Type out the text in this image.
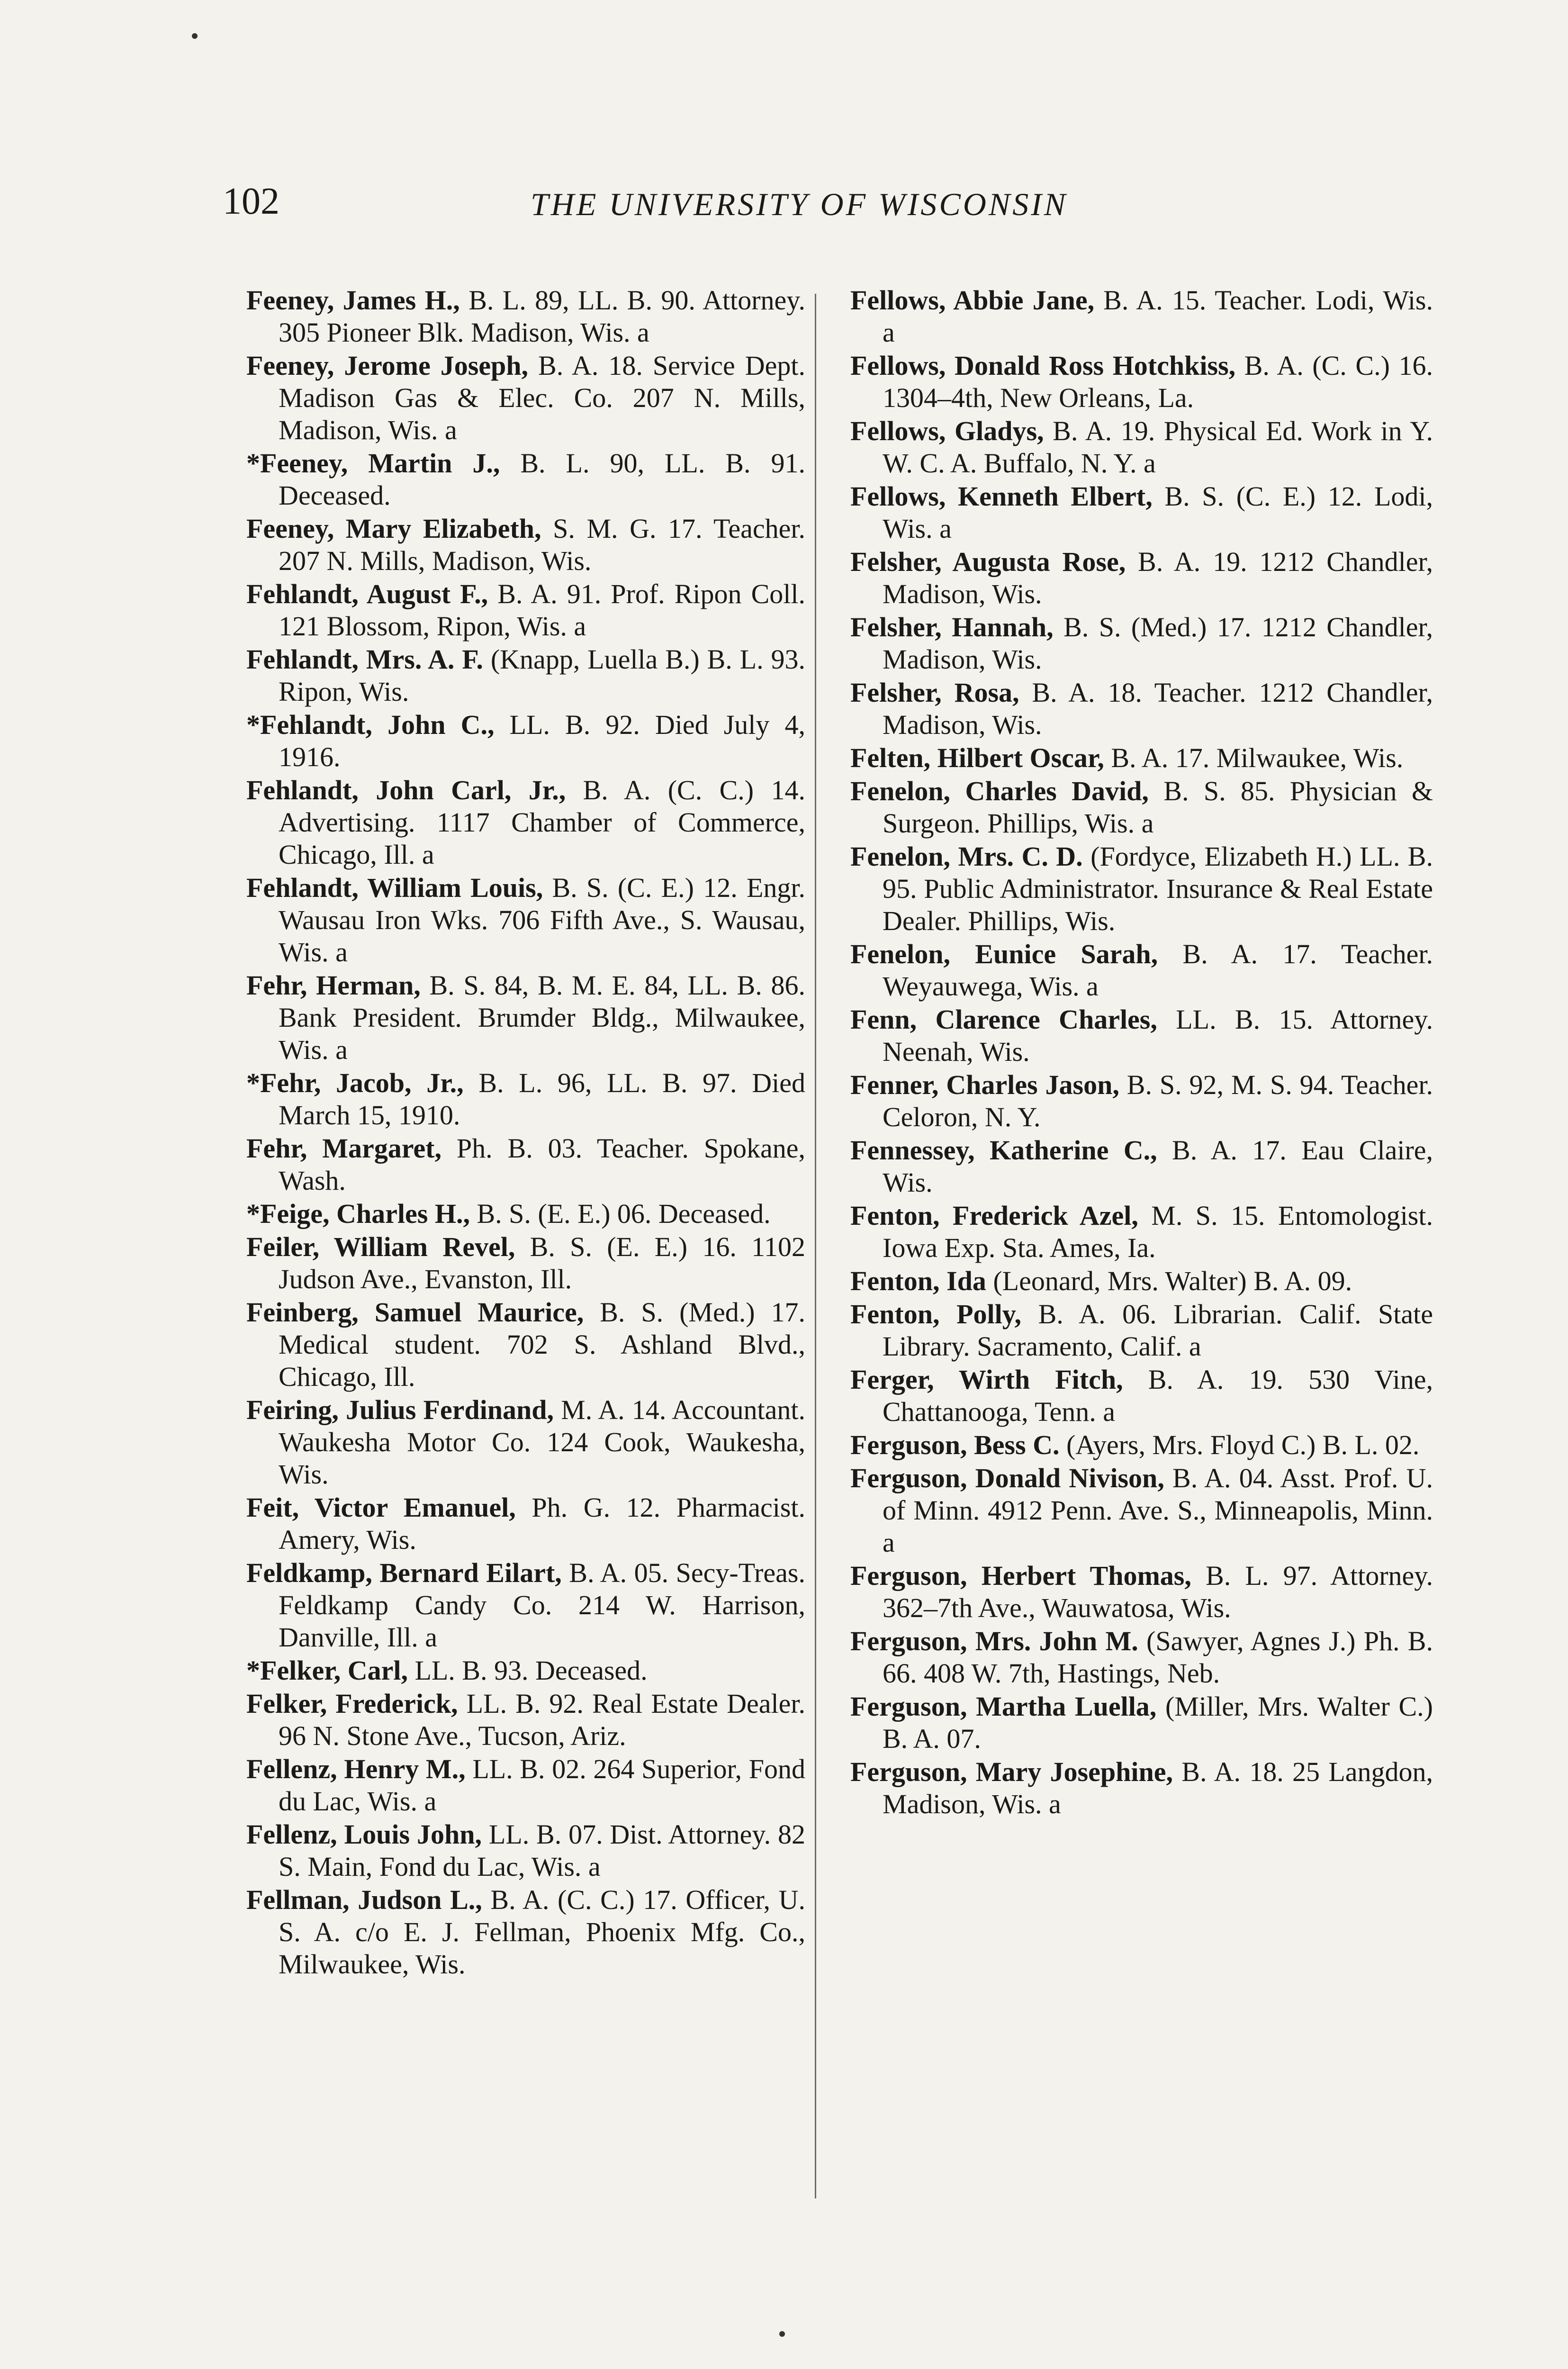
102	THE UNIVERSITY OF WISCONSIN

Feeney, James H., B. L. 89, LL. B. 90. Attorney. 305 Pioneer Blk. Madison, Wis. a

Feeney, Jerome Joseph, B. A. 18. Service Dept. Madison Gas & Elec. Co. 207 N. Mills, Madison, Wis. a

*Feeney, Martin J., B. L. 90, LL. B. 91. Deceased.

Feeney, Mary Elizabeth, S. M. G. 17. Teacher. 207 N. Mills, Madison, Wis.

Fehlandt, August F., B. A. 91. Prof. Ripon Coll. 121 Blossom, Ripon, Wis. a

Fehlandt, Mrs. A. F. (Knapp, Luella B.) B. L. 93. Ripon, Wis.

*Fehlandt, John C., LL. B. 92. Died July 4, 1916.

Fehlandt, John Carl, Jr., B. A. (C. C.) 14. Advertising. 1117 Chamber of Commerce, Chicago, Ill. a

Fehlandt, William Louis, B. S. (C. E.) 12. Engr. Wausau Iron Wks. 706 Fifth Ave., S. Wausau, Wis. a

Fehr, Herman, B. S. 84, B. M. E. 84, LL. B. 86. Bank President. Brumder Bldg., Milwaukee, Wis. a

*Fehr, Jacob, Jr., B. L. 96, LL. B. 97. Died March 15, 1910.

Fehr, Margaret, Ph. B. 03. Teacher. Spokane, Wash.

*Feige, Charles H., B. S. (E. E.) 06. Deceased.

Feiler, William Revel, B. S. (E. E.) 16. 1102 Judson Ave., Evanston, Ill.

Feinberg, Samuel Maurice, B. S. (Med.) 17. Medical student. 702 S. Ashland Blvd., Chicago, Ill.

Feiring, Julius Ferdinand, M. A. 14. Accountant. Waukesha Motor Co. 124 Cook, Waukesha, Wis.

Feit, Victor Emanuel, Ph. G. 12. Pharmacist. Amery, Wis.

Feldkamp, Bernard Eilart, B. A. 05. Secy-Treas. Feldkamp Candy Co. 214 W. Harrison, Danville, Ill. a

*Felker, Carl, LL. B. 93. Deceased.

Felker, Frederick, LL. B. 92. Real Estate Dealer. 96 N. Stone Ave., Tucson, Ariz.

Fellenz, Henry M., LL. B. 02. 264 Superior, Fond du Lac, Wis. a

Fellenz, Louis John, LL. B. 07. Dist. Attorney. 82 S. Main, Fond du Lac, Wis. a

Fellman, Judson L., B. A. (C. C.) 17. Officer, U. S. A. c/o E. J. Fellman, Phoenix Mfg. Co., Milwaukee, Wis.

Fellows, Abbie Jane, B. A. 15. Teacher. Lodi, Wis. a

Fellows, Donald Ross Hotchkiss, B. A. (C. C.) 16. 1304–4th, New Orleans, La.

Fellows, Gladys, B. A. 19. Physical Ed. Work in Y. W. C. A. Buffalo, N. Y. a

Fellows, Kenneth Elbert, B. S. (C. E.) 12. Lodi, Wis. a

Felsher, Augusta Rose, B. A. 19. 1212 Chandler, Madison, Wis.

Felsher, Hannah, B. S. (Med.) 17. 1212 Chandler, Madison, Wis.

Felsher, Rosa, B. A. 18. Teacher. 1212 Chandler, Madison, Wis.

Felten, Hilbert Oscar, B. A. 17. Milwaukee, Wis.

Fenelon, Charles David, B. S. 85. Physician & Surgeon. Phillips, Wis. a

Fenelon, Mrs. C. D. (Fordyce, Elizabeth H.) LL. B. 95. Public Administrator. Insurance & Real Estate Dealer. Phillips, Wis.

Fenelon, Eunice Sarah, B. A. 17. Teacher. Weyauwega, Wis. a

Fenn, Clarence Charles, LL. B. 15. Attorney. Neenah, Wis.

Fenner, Charles Jason, B. S. 92, M. S. 94. Teacher. Celoron, N. Y.

Fennessey, Katherine C., B. A. 17. Eau Claire, Wis.

Fenton, Frederick Azel, M. S. 15. Entomologist. Iowa Exp. Sta. Ames, Ia.

Fenton, Ida (Leonard, Mrs. Walter) B. A. 09.

Fenton, Polly, B. A. 06. Librarian. Calif. State Library. Sacramento, Calif. a

Ferger, Wirth Fitch, B. A. 19. 530 Vine, Chattanooga, Tenn. a

Ferguson, Bess C. (Ayers, Mrs. Floyd C.) B. L. 02.

Ferguson, Donald Nivison, B. A. 04. Asst. Prof. U. of Minn. 4912 Penn. Ave. S., Minneapolis, Minn. a

Ferguson, Herbert Thomas, B. L. 97. Attorney. 362–7th Ave., Wauwatosa, Wis.

Ferguson, Mrs. John M. (Sawyer, Agnes J.) Ph. B. 66. 408 W. 7th, Hastings, Neb.

Ferguson, Martha Luella, (Miller, Mrs. Walter C.) B. A. 07.

Ferguson, Mary Josephine, B. A. 18. 25 Langdon, Madison, Wis. a
